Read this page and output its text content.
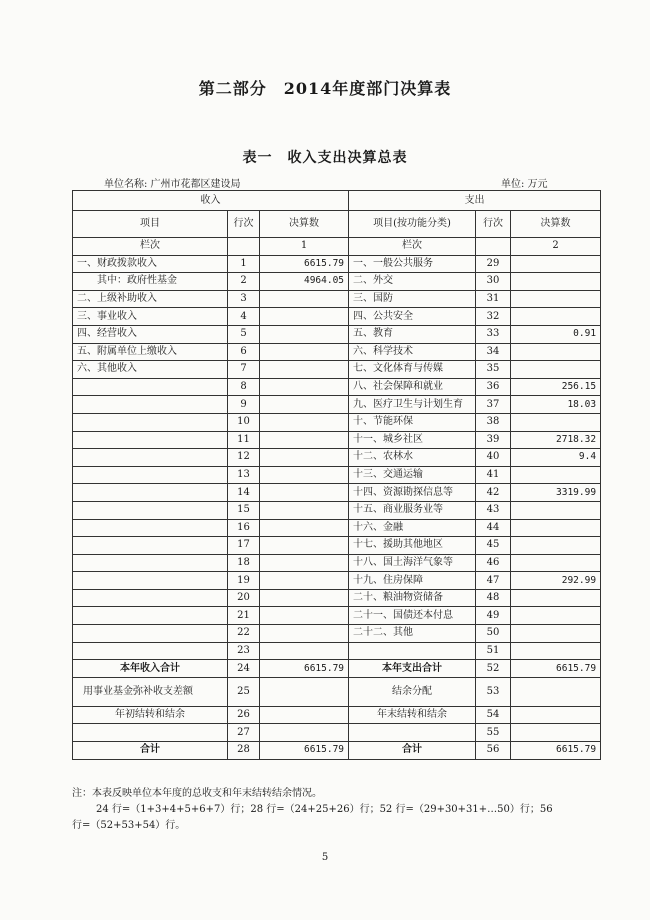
第二部分　2014年度部门决算表
表一　收入支出决算总表
单位名称: 广州市花都区建设局	单位: 万元
收入			支出		
项目	行次	决算数	项目(按功能分类)	行次	决算数
栏次		1	栏次		2
一、财政拨款收入	1	6615.79	一、一般公共服务	29	
　　其中：政府性基金	2	4964.05	二、外交	30	
二、上级补助收入	3		三、国防	31	
三、事业收入	4		四、公共安全	32	
四、经营收入	5		五、教育	33	0.91
五、附属单位上缴收入	6		六、科学技术	34	
六、其他收入	7		七、文化体育与传媒	35	
	8		八、社会保障和就业	36	256.15
	9		九、医疗卫生与计划生育	37	18.03
	10		十、节能环保	38	
	11		十一、城乡社区	39	2718.32
	12		十二、农林水	40	9.4
	13		十三、交通运输	41	
	14		十四、资源勘探信息等	42	3319.99
	15		十五、商业服务业等	43	
	16		十六、金融	44	
	17		十七、援助其他地区	45	
	18		十八、国土海洋气象等	46	
	19		十九、住房保障	47	292.99
	20		二十、粮油物资储备	48	
	21		二十一、国债还本付息	49	
	22		二十二、其他	50	
	23			51	
本年收入合计	24	6615.79	本年支出合计	52	6615.79
用事业基金弥补收支差额	25		结余分配	53	
年初结转和结余	26		年末结转和结余	54	
	27			55	
合计	28	6615.79	合计	56	6615.79
注：本表反映单位本年度的总收支和年末结转结余情况。
24 行=（1+3+4+5+6+7）行；28 行=（24+25+26）行；52 行=（29+30+31+…50）行；56
行=（52+53+54）行。
5
